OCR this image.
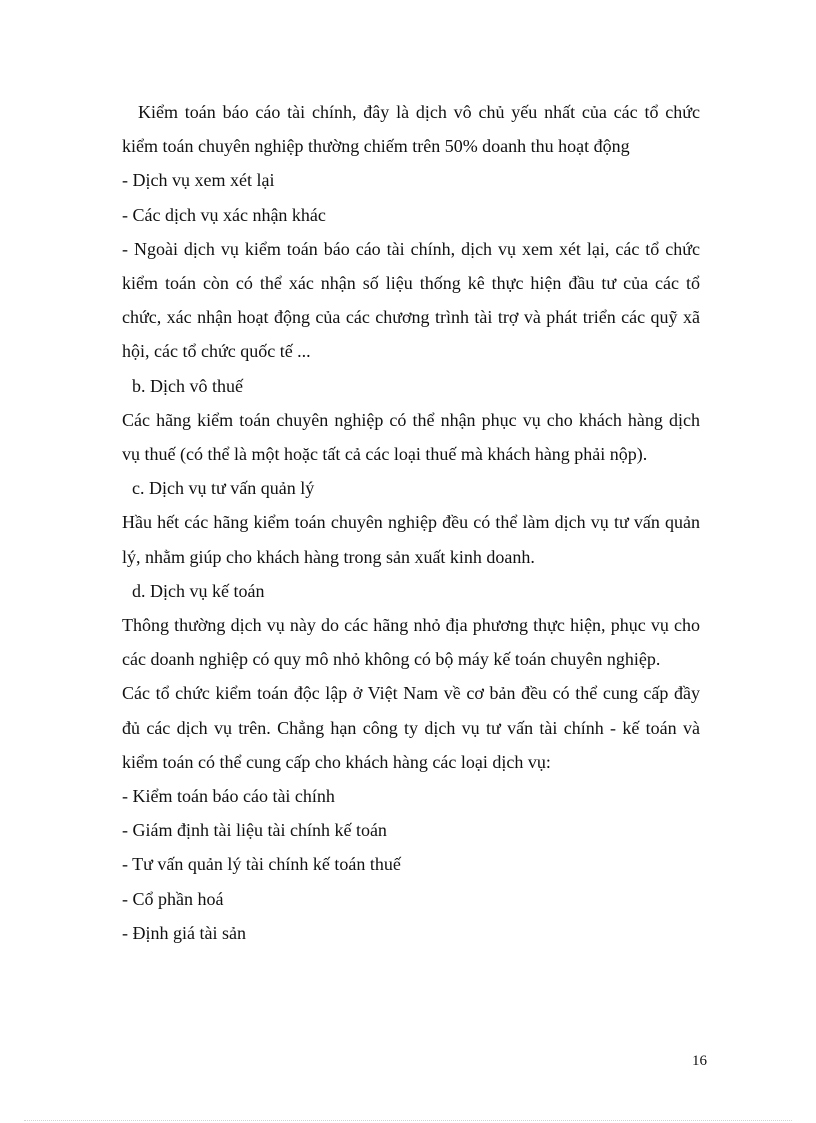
Kiểm toán báo cáo tài chính, đây là dịch vô chủ yếu nhất của các tổ chức kiểm toán chuyên nghiệp thường chiếm trên 50% doanh thu hoạt động

- Dịch vụ xem xét lại

- Các dịch vụ xác nhận khác

- Ngoài dịch vụ kiểm toán báo cáo tài chính, dịch vụ xem xét lại, các tổ chức kiểm toán còn có thể xác nhận số liệu thống kê thực hiện đầu tư của các tổ chức, xác nhận hoạt động của các chương trình tài trợ và phát triển các quỹ xã hội, các tổ chức quốc tế ...

b. Dịch vô thuế

Các hãng kiểm toán chuyên nghiệp có thể nhận phục vụ cho khách hàng dịch vụ thuế (có thể là một hoặc tất cả các loại thuế mà khách hàng phải nộp).

c. Dịch vụ tư vấn quản lý

Hầu hết các hãng kiểm toán chuyên nghiệp đều có thể làm dịch vụ tư vấn quản lý, nhằm giúp cho khách hàng trong sản xuất kinh doanh.

d. Dịch vụ kế toán

Thông thường dịch vụ này do các hãng nhỏ địa phương thực hiện, phục vụ cho các doanh nghiệp có quy mô nhỏ không có bộ máy kế toán chuyên nghiệp.

Các tổ chức kiểm toán độc lập ở Việt Nam về cơ bản đều có thể cung cấp đầy đủ các dịch vụ trên. Chẳng hạn công ty dịch vụ tư vấn tài chính - kế toán và kiểm toán có thể cung cấp cho khách hàng các loại dịch vụ:

- Kiểm toán báo cáo tài chính

- Giám định tài liệu tài chính kế toán

- Tư vấn quản lý tài chính kế toán thuế

- Cổ phần hoá

- Định giá tài sản

16
